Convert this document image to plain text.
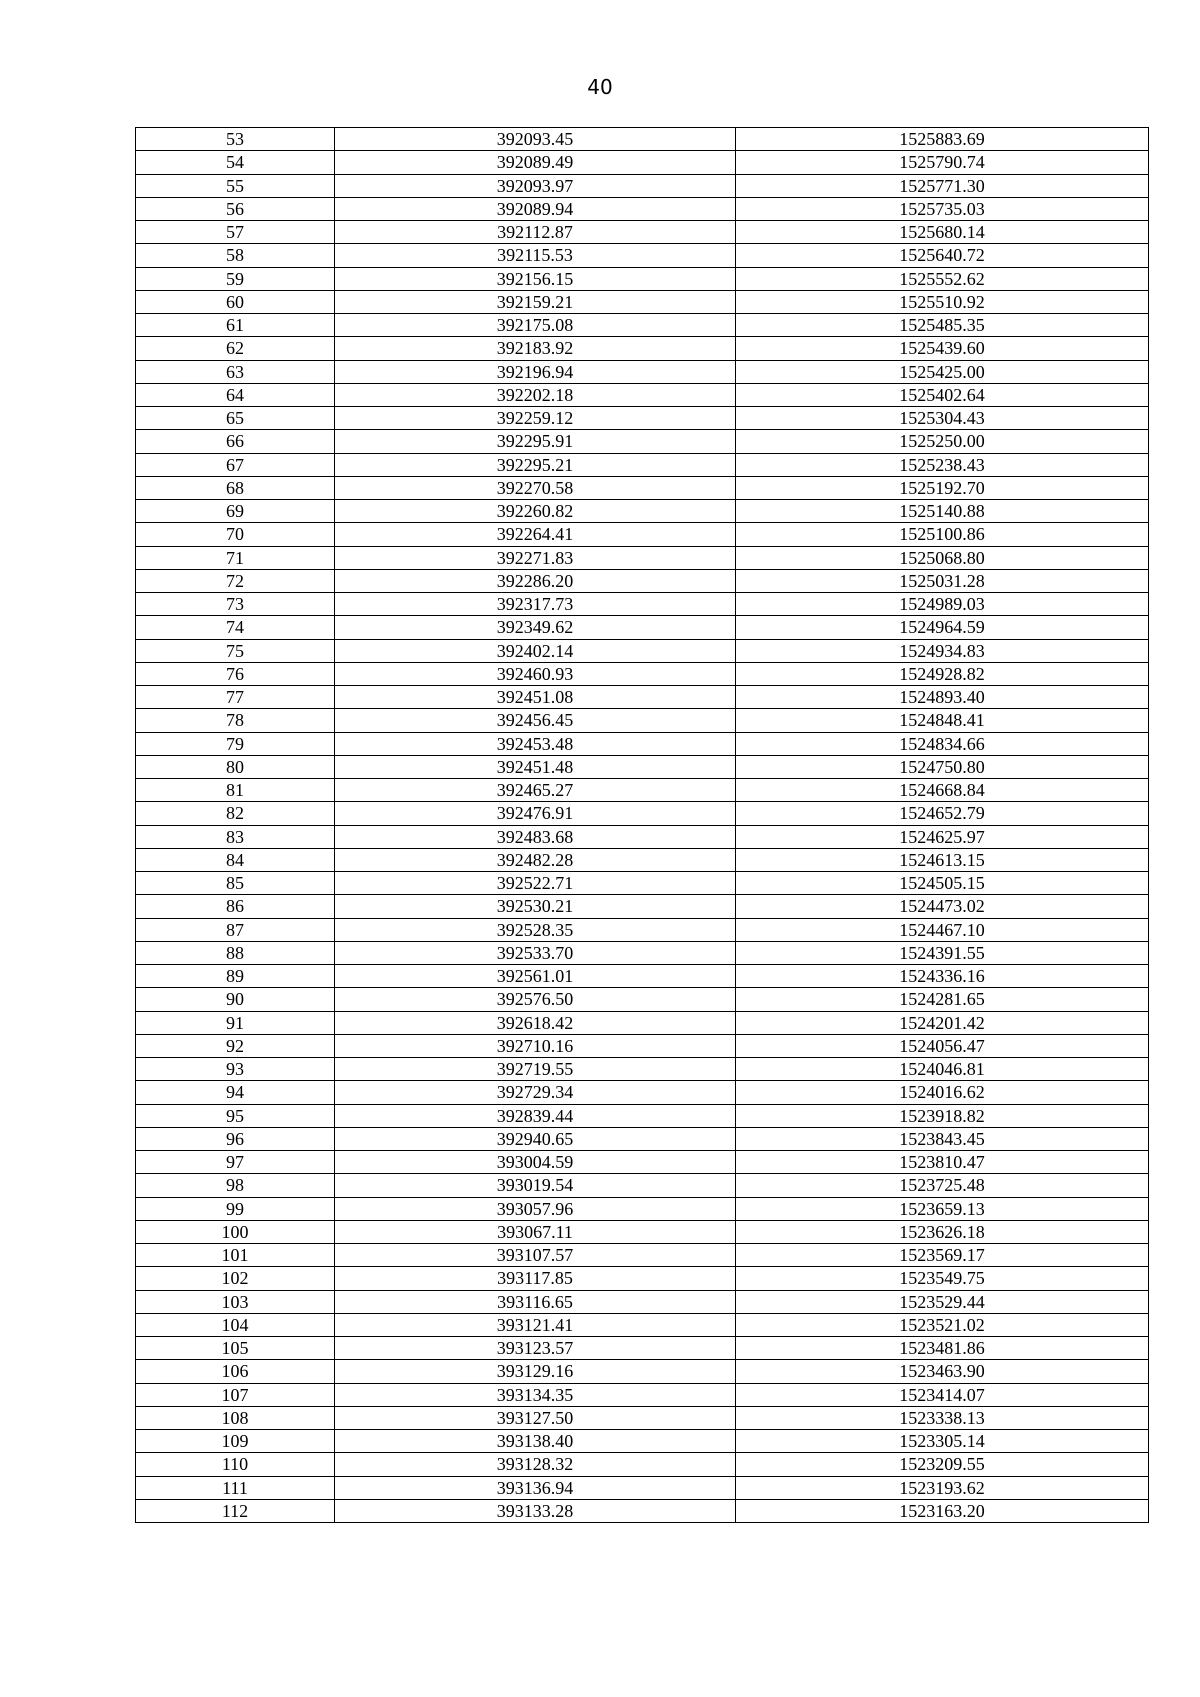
40
53	392093.45	1525883.69
54	392089.49	1525790.74
55	392093.97	1525771.30
56	392089.94	1525735.03
57	392112.87	1525680.14
58	392115.53	1525640.72
59	392156.15	1525552.62
60	392159.21	1525510.92
61	392175.08	1525485.35
62	392183.92	1525439.60
63	392196.94	1525425.00
64	392202.18	1525402.64
65	392259.12	1525304.43
66	392295.91	1525250.00
67	392295.21	1525238.43
68	392270.58	1525192.70
69	392260.82	1525140.88
70	392264.41	1525100.86
71	392271.83	1525068.80
72	392286.20	1525031.28
73	392317.73	1524989.03
74	392349.62	1524964.59
75	392402.14	1524934.83
76	392460.93	1524928.82
77	392451.08	1524893.40
78	392456.45	1524848.41
79	392453.48	1524834.66
80	392451.48	1524750.80
81	392465.27	1524668.84
82	392476.91	1524652.79
83	392483.68	1524625.97
84	392482.28	1524613.15
85	392522.71	1524505.15
86	392530.21	1524473.02
87	392528.35	1524467.10
88	392533.70	1524391.55
89	392561.01	1524336.16
90	392576.50	1524281.65
91	392618.42	1524201.42
92	392710.16	1524056.47
93	392719.55	1524046.81
94	392729.34	1524016.62
95	392839.44	1523918.82
96	392940.65	1523843.45
97	393004.59	1523810.47
98	393019.54	1523725.48
99	393057.96	1523659.13
100	393067.11	1523626.18
101	393107.57	1523569.17
102	393117.85	1523549.75
103	393116.65	1523529.44
104	393121.41	1523521.02
105	393123.57	1523481.86
106	393129.16	1523463.90
107	393134.35	1523414.07
108	393127.50	1523338.13
109	393138.40	1523305.14
110	393128.32	1523209.55
111	393136.94	1523193.62
112	393133.28	1523163.20
